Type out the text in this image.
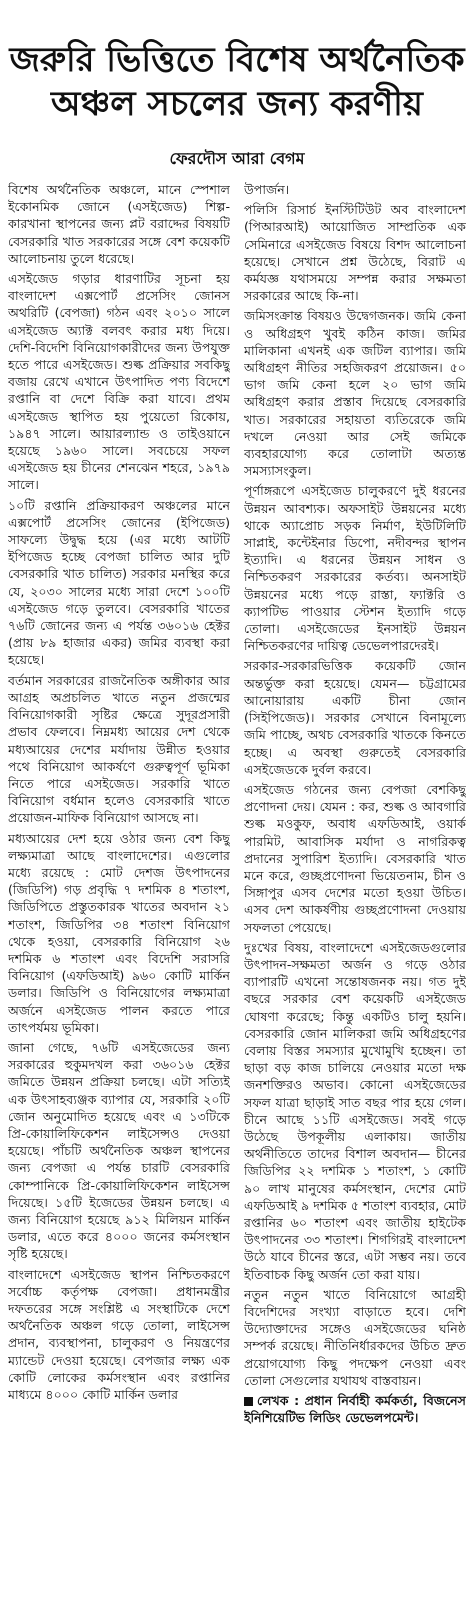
জরুরি ভিত্তিতে বিশেষ অর্থনৈতিক
অঞ্চল সচলের জন্য করণীয়
ফেরদৌস আরা বেগম

বিশেষ অর্থনৈতিক অঞ্চলে, মানে স্পেশাল ইকোনমিক জোনে (এসইজেড) শিল্প-কারখানা স্থাপনের জন্য প্লট বরাদ্দের বিষয়টি বেসরকারি খাত সরকারের সঙ্গে বেশ কয়েকটি আলোচনায় তুলে ধরেছে।

এসইজেড গড়ার ধারণাটির সূচনা হয় বাংলাদেশ এক্সপোর্ট প্রসেসিং জোনস অথরিটি (বেপজা) গঠন এবং ২০১০ সালে এসইজেড অ্যাক্ট বলবৎ করার মধ্য দিয়ে। দেশি-বিদেশি বিনিয়োগকারীদের জন্য উপযুক্ত হতে পারে এসইজেড। শুল্ক প্রক্রিয়ার সবকিছু বজায় রেখে এখানে উৎপাদিত পণ্য বিদেশে রপ্তানি বা দেশে বিক্রি করা যাবে। প্রথম এসইজেড স্থাপিত হয় পুয়েতো রিকোয়, ১৯৪৭ সালে। আয়ারল্যান্ড ও তাইওয়ানে হয়েছে ১৯৬০ সালে। সবচেয়ে সফল এসইজেড হয় চীনের শেনঝেন শহরে, ১৯৭৯ সালে।

১০টি রপ্তানি প্রক্রিয়াকরণ অঞ্চলের মানে এক্সপোর্ট প্রসেসিং জোনের (ইপিজেড) সাফল্যে উদ্বুদ্ধ হয়ে (এর মধ্যে আটটি ইপিজেড হচ্ছে বেপজা চালিত আর দুটি বেসরকারি খাত চালিত) সরকার মনস্থির করে যে, ২০৩০ সালের মধ্যে সারা দেশে ১০০টি এসইজেড গড়ে তুলবে। বেসরকারি খাতের ৭৬টি জোনের জন্য এ পর্যন্ত ৩৬০১৬ হেক্টর (প্রায় ৮৯ হাজার একর) জমির ব্যবস্থা করা হয়েছে।

বর্তমান সরকারের রাজনৈতিক অঙ্গীকার আর আগ্রহ অপ্রচলিত খাতে নতুন প্রজন্মের বিনিয়োগকারী সৃষ্টির ক্ষেত্রে সুদূরপ্রসারী প্রভাব ফেলবে। নিম্নমধ্য আয়ের দেশ থেকে মধ্যআয়ের দেশের মর্যাদায় উন্নীত হওয়ার পথে বিনিয়োগ আকর্ষণে গুরুত্বপূর্ণ ভূমিকা নিতে পারে এসইজেড। সরকারি খাতে বিনিয়োগ বর্ধমান হলেও বেসরকারি খাতে প্রয়োজন-মাফিক বিনিয়োগ আসছে না।

মধ্যআয়ের দেশ হয়ে ওঠার জন্য বেশ কিছু লক্ষ্যমাত্রা আছে বাংলাদেশের। এগুলোর মধ্যে রয়েছে : মোট দেশজ উৎপাদনের (জিডিপি) গড় প্রবৃদ্ধি ৭ দশমিক ৪ শতাংশ, জিডিপিতে প্রস্তুতকারক খাতের অবদান ২১ শতাংশ, জিডিপির ৩৪ শতাংশ বিনিয়োগ থেকে হওয়া, বেসরকারি বিনিয়োগ ২৬ দশমিক ৬ শতাংশ এবং বিদেশি সরাসরি বিনিয়োগ (এফডিআই) ৯৬০ কোটি মার্কিন ডলার। জিডিপি ও বিনিয়োগের লক্ষ্যমাত্রা অর্জনে এসইজেড পালন করতে পারে তাৎপর্যময় ভূমিকা।

জানা গেছে, ৭৬টি এসইজেডের জন্য সরকারের হুকুমদখল করা ৩৬০১৬ হেক্টর জমিতে উন্নয়ন প্রক্রিয়া চলছে। এটা সত্যিই এক উৎসাহব্যঞ্জক ব্যাপার যে, সরকারি ২০টি জোন অনুমোদিত হয়েছে এবং এ ১৩টিকে প্রি-কোয়ালিফিকেশন লাইসেন্সও দেওয়া হয়েছে। পাঁচটি অর্থনৈতিক অঞ্চল স্থাপনের জন্য বেপজা এ পর্যন্ত চারটি বেসরকারি কোম্পানিকে প্রি-কোয়ালিফিকেশন লাইসেন্স দিয়েছে। ১৫টি ইজেডের উন্নয়ন চলছে। এ জন্য বিনিয়োগ হয়েছে ৯১২ মিলিয়ন মার্কিন ডলার, এতে করে ৪০০০ জনের কর্মসংস্থান সৃষ্টি হয়েছে।

বাংলাদেশে এসইজেড স্থাপন নিশ্চিতকরণে সর্বোচ্চ কর্তৃপক্ষ বেপজা। প্রধানমন্ত্রীর দফতরের সঙ্গে সংশ্লিষ্ট এ সংস্থাটিকে দেশে অর্থনৈতিক অঞ্চল গড়ে তোলা, লাইসেন্স প্রদান, ব্যবস্থাপনা, চালুকরণ ও নিয়ন্ত্রণের ম্যান্ডেট দেওয়া হয়েছে। বেপজার লক্ষ্য এক কোটি লোকের কর্মসংস্থান এবং রপ্তানির মাধ্যমে ৪০০০ কোটি মার্কিন ডলার

উপার্জন।

পলিসি রিসার্চ ইনস্টিটিউট অব বাংলাদেশ (পিআরআই) আয়োজিত সাম্প্রতিক এক সেমিনারে এসইজেড বিষয়ে বিশদ আলোচনা হয়েছে। সেখানে প্রশ্ন উঠেছে, বিরাট এ কর্মযজ্ঞ যথাসময়ে সম্পন্ন করার সক্ষমতা সরকারের আছে কি-না।

জমিসংক্রান্ত বিষয়ও উদ্বেগজনক। জমি কেনা ও অধিগ্রহণ খুবই কঠিন কাজ। জমির মালিকানা এখনই এক জটিল ব্যাপার। জমি অধিগ্রহণ নীতির সহজিকরণ প্রয়োজন। ৫০ ভাগ জমি কেনা হলে ২০ ভাগ জমি অধিগ্রহণ করার প্রস্তাব দিয়েছে বেসরকারি খাত। সরকারের সহায়তা ব্যতিরেকে জমি দখলে নেওয়া আর সেই জমিকে ব্যবহারযোগ্য করে তোলাটা অত্যন্ত সমস্যাসংকুল।

পূর্ণাঙ্গরূপে এসইজেড চালুকরণে দুই ধরনের উন্নয়ন আবশ্যক। অফসাইট উন্নয়নের মধ্যে থাকে অ্যাপ্রোচ সড়ক নির্মাণ, ইউটিলিটি সাপ্লাই, কন্টেইনার ডিপো, নদীবন্দর স্থাপন ইত্যাদি। এ ধরনের উন্নয়ন সাধন ও নিশ্চিতকরণ সরকারের কর্তব্য। অনসাইট উন্নয়নের মধ্যে পড়ে রাস্তা, ফ্যাক্টরি ও ক্যাপটিভ পাওয়ার স্টেশন ইত্যাদি গড়ে তোলা। এসইজেডের ইনসাইট উন্নয়ন নিশ্চিতকরণের দায়িত্ব ডেভেলপারদেরই।

সরকার-সরকারভিত্তিক কয়েকটি জোন অন্তর্ভুক্ত করা হয়েছে। যেমন— চট্টগ্রামের আনোয়ারায় একটি চীনা জোন (সিইপিজেড)। সরকার সেখানে বিনামূল্যে জমি পাচ্ছে, অথচ বেসরকারি খাতকে কিনতে হচ্ছে। এ অবস্থা গুরুতেই বেসরকারি এসইজেডকে দুর্বল করবে।

এসইজেড গঠনের জন্য বেপজা বেশকিছু প্রণোদনা দেয়। যেমন : কর, শুল্ক ও আবগারি শুল্ক মওকুফ, অবাধ এফডিআই, ওয়ার্ক পারমিট, আবাসিক মর্যাদা ও নাগরিকত্ব প্রদানের সুপারিশ ইত্যাদি। বেসরকারি খাত মনে করে, গুচ্ছপ্রণোদনা ভিয়েতনাম, চীন ও সিঙ্গাপুর এসব দেশের মতো হওয়া উচিত। এসব দেশ আকর্ষণীয় গুচ্ছপ্রণোদনা দেওয়ায় সফলতা পেয়েছে।

দুঃখের বিষয়, বাংলাদেশে এসইজেডগুলোর উৎপাদন-সক্ষমতা অর্জন ও গড়ে ওঠার ব্যাপারটি এখনো সন্তোষজনক নয়। গত দুই বছরে সরকার বেশ কয়েকটি এসইজেড ঘোষণা করেছে; কিন্তু একটিও চালু হয়নি। বেসরকারি জোন মালিকরা জমি অধিগ্রহণের বেলায় বিস্তর সমস্যার মুখোমুখি হচ্ছেন। তা ছাড়া বড় কাজ চালিয়ে নেওয়ার মতো দক্ষ জনশক্তিরও অভাব। কোনো এসইজেডের সফল যাত্রা ছাড়াই সাত বছর পার হয়ে গেল। চীনে আছে ১১টি এসইজেড। সবই গড়ে উঠেছে উপকূলীয় এলাকায়। জাতীয় অর্থনীতিতে তাদের বিশাল অবদান— চীনের জিডিপির ২২ দশমিক ১ শতাংশ, ১ কোটি ৯০ লাখ মানুষের কর্মসংস্থান, দেশের মোট এফডিআই ৯ দশমিক ৫ শতাংশ ব্যবহার, মোট রপ্তানির ৬০ শতাংশ এবং জাতীয় হাইটেক উৎপাদনের ৩৩ শতাংশ। শিগগিরই বাংলাদেশ উঠে যাবে চীনের স্তরে, এটা সম্ভব নয়। তবে ইতিবাচক কিছু অর্জন তো করা যায়।

নতুন নতুন খাতে বিনিয়োগে আগ্রহী বিদেশিদের সংখ্যা বাড়াতে হবে। দেশি উদ্যোক্তাদের সঙ্গেও এসইজেডের ঘনিষ্ঠ সম্পর্ক রয়েছে। নীতিনির্ধারকদের উচিত দ্রুত প্রয়োগযোগ্য কিছু পদক্ষেপ নেওয়া এবং তোলা সেগুলোর যথাযথ বাস্তবায়ন।

লেখক : প্রধান নির্বাহী কর্মকর্তা, বিজনেস ইনিশিয়েটিভ লিডিং ডেভেলপমেন্ট।
